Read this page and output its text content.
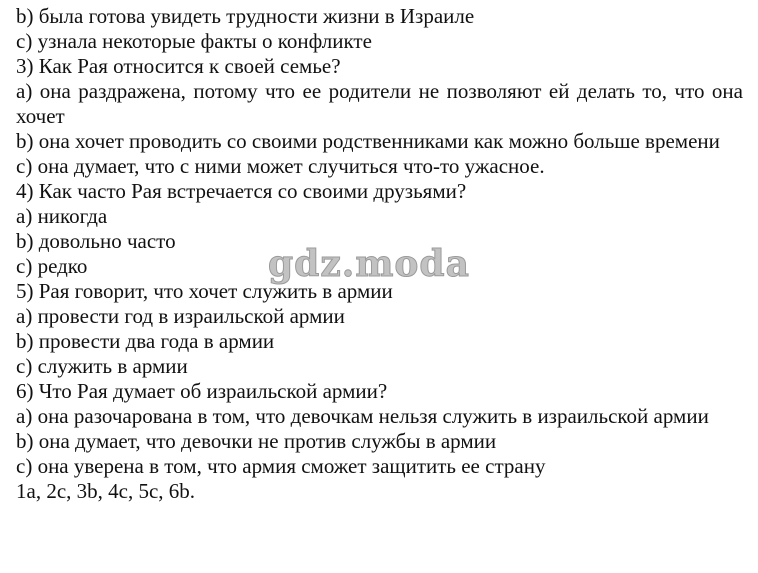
b) была готова увидеть трудности жизни в Израиле
c) узнала некоторые факты о конфликте
3) Как Рая относится к своей семье?
a) она раздражена, потому что ее родители не позволяют ей делать то, что она хочет
b) она хочет проводить со своими родственниками как можно больше времени
c) она думает, что с ними может случиться что-то ужасное.
4) Как часто Рая встречается со своими друзьями?
a) никогда
b) довольно часто
c) редко
5) Рая говорит, что хочет служить в армии
a) провести год в израильской армии
b) провести два года в армии
c) служить в армии
6) Что Рая думает об израильской армии?
a) она разочарована в том, что девочкам нельзя служить в израильской армии
b) она думает, что девочки не против службы в армии
c) она уверена в том, что армия сможет защитить ее страну
1a, 2c, 3b, 4c, 5c, 6b.
gdz.moda
